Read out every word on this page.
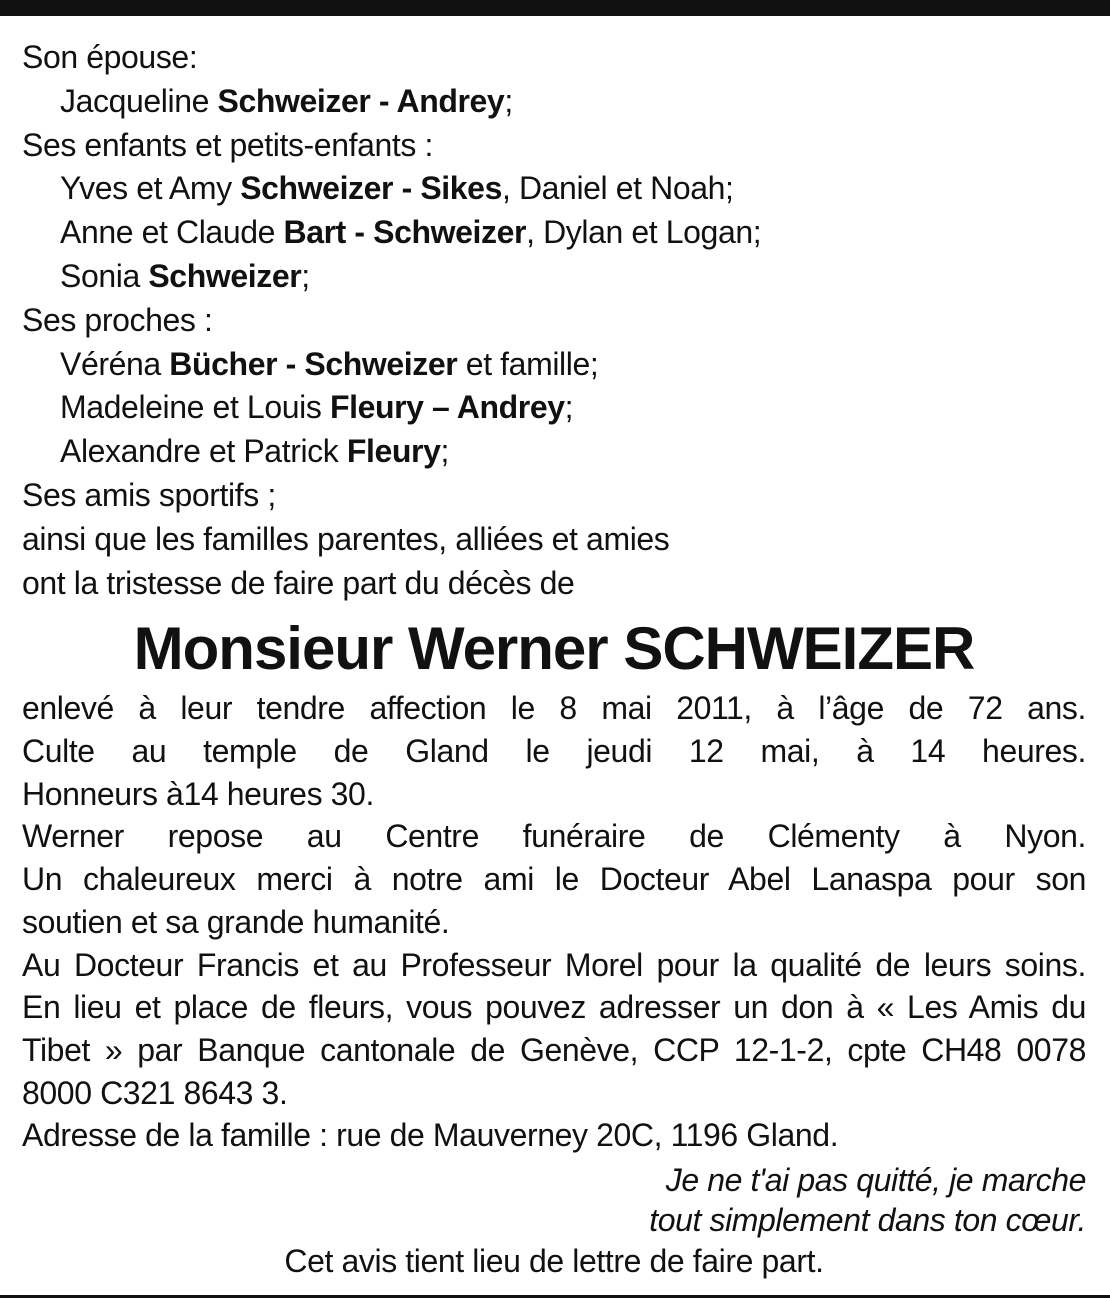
Son épouse:
Jacqueline Schweizer - Andrey;
Ses enfants et petits-enfants :
Yves et Amy Schweizer - Sikes, Daniel et Noah;
Anne et Claude Bart - Schweizer, Dylan et Logan;
Sonia Schweizer;
Ses proches :
Véréna Bücher - Schweizer et famille;
Madeleine et Louis Fleury – Andrey;
Alexandre et Patrick Fleury;
Ses amis sportifs ;
ainsi que les familles parentes, alliées et amies
ont la tristesse de faire part du décès de
Monsieur Werner SCHWEIZER

enlevé à leur tendre affection le 8 mai 2011, à l’âge de 72 ans.

Culte au temple de Gland le jeudi 12 mai, à 14 heures.

Honneurs à14 heures 30.

Werner repose au Centre funéraire de Clémenty à Nyon.

Un chaleureux merci à notre ami le Docteur Abel Lanaspa pour son

soutien et sa grande humanité.

Au Docteur Francis et au Professeur Morel pour la qualité de leurs soins.

En lieu et place de fleurs, vous pouvez adresser un don à « Les Amis du

Tibet » par Banque cantonale de Genève, CCP 12-1-2, cpte CH48 0078

8000 C321 8643 3.

Adresse de la famille : rue de Mauverney 20C, 1196 Gland.

Je ne t'ai pas quitté, je marche
tout simplement dans ton cœur.
Cet avis tient lieu de lettre de faire part.
